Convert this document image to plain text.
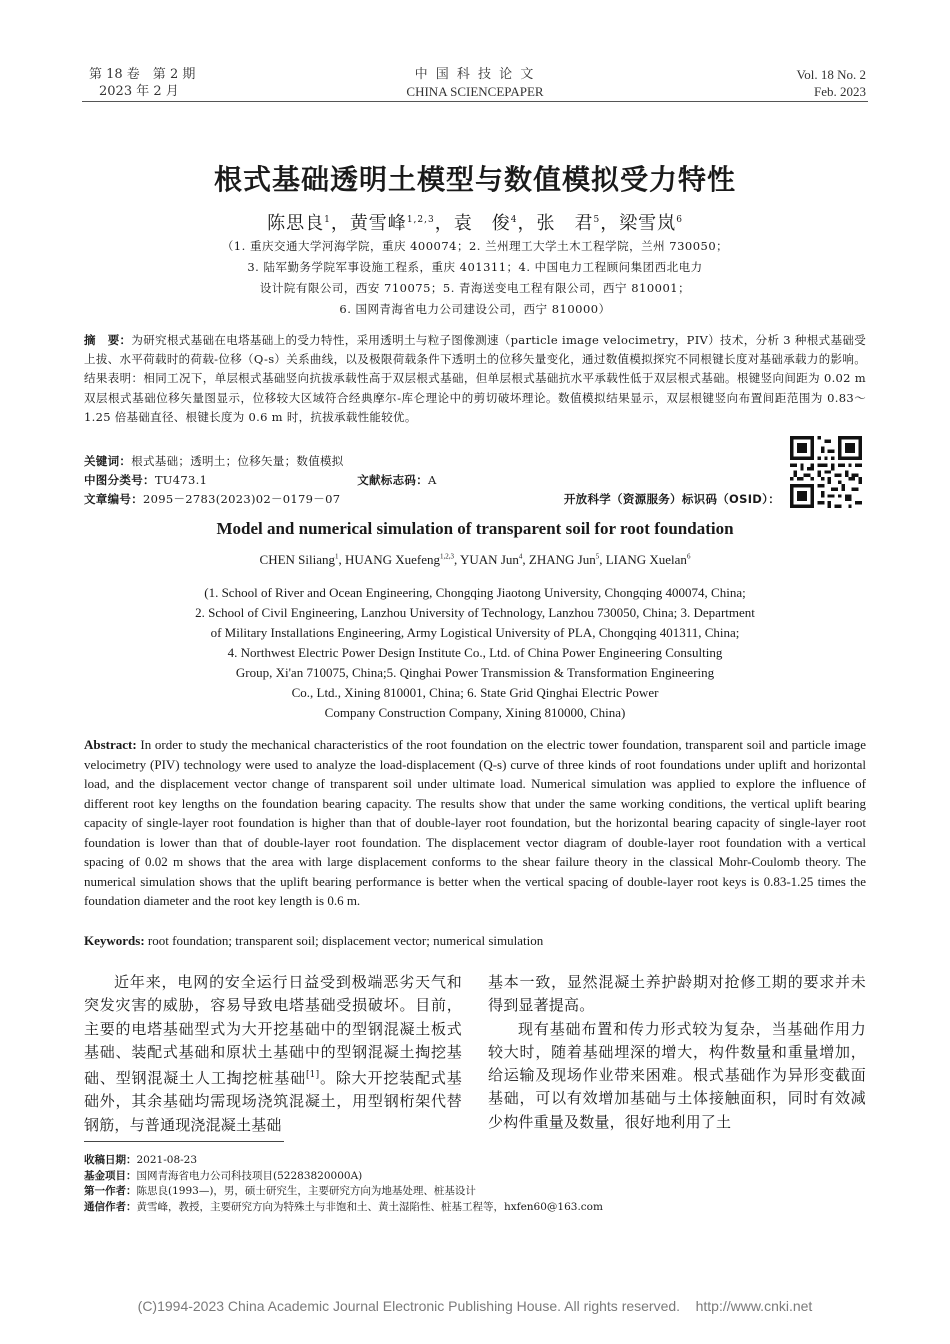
第 18 卷　第 2 期
2023 年 2 月
中 国 科 技 论 文
CHINA SCIENCEPAPER
Vol. 18 No. 2
Feb. 2023
根式基础透明土模型与数值模拟受力特性
陈思良$^1$，黄雪峰$^{1,2,3}$，袁　俊$^4$，张　君$^5$，梁雪岚$^6$
（1. 重庆交通大学河海学院，重庆 400074；2. 兰州理工大学土木工程学院，兰州 730050；
3. 陆军勤务学院军事设施工程系，重庆 401311；4. 中国电力工程顾问集团西北电力
设计院有限公司，西安 710075；5. 青海送变电工程有限公司，西宁 810001；
6. 国网青海省电力公司建设公司，西宁 810000）
摘　要：为研究根式基础在电塔基础上的受力特性，采用透明土与粒子图像测速（particle image velocimetry，PIV）技术，分析 3 种根式基础受上拔、水平荷载时的荷载-位移（Q-s）关系曲线，以及极限荷载条件下透明土的位移矢量变化，通过数值模拟探究不同根键长度对基础承载力的影响。结果表明：相同工况下，单层根式基础竖向抗拔承载性高于双层根式基础，但单层根式基础抗水平承载性低于双层根式基础。根键竖向间距为 0.02 m 双层根式基础位移矢量图显示，位移较大区域符合经典摩尔-库仑理论中的剪切破坏理论。数值模拟结果显示，双层根键竖向布置间距范围为 0.83～1.25 倍基础直径、根键长度为 0.6 m 时，抗拔承载性能较优。
关键词：根式基础；透明土；位移矢量；数值模拟
中图分类号：TU473.1	文献标志码：A
文章编号：2095－2783(2023)02－0179－07	开放科学（资源服务）标识码（OSID）：
Model and numerical simulation of transparent soil for root foundation
CHEN Siliang$^1$, HUANG Xuefeng$^{1,2,3}$, YUAN Jun$^4$, ZHANG Jun$^5$, LIANG Xuelan$^6$
(1. School of River and Ocean Engineering, Chongqing Jiaotong University, Chongqing 400074, China;
2. School of Civil Engineering, Lanzhou University of Technology, Lanzhou 730050, China; 3. Department
of Military Installations Engineering, Army Logistical University of PLA, Chongqing 401311, China;
4. Northwest Electric Power Design Institute Co., Ltd. of China Power Engineering Consulting
Group, Xi'an 710075, China;5. Qinghai Power Transmission & Transformation Engineering
Co., Ltd., Xining 810001, China; 6. State Grid Qinghai Electric Power
Company Construction Company, Xining 810000, China)
Abstract: In order to study the mechanical characteristics of the root foundation on the electric tower foundation, transparent soil and particle image velocimetry (PIV) technology were used to analyze the load-displacement (Q-s) curve of three kinds of root foundations under uplift and horizontal load, and the displacement vector change of transparent soil under ultimate load. Numerical simulation was applied to explore the influence of different root key lengths on the foundation bearing capacity. The results show that under the same working conditions, the vertical uplift bearing capacity of single-layer root foundation is higher than that of double-layer root foundation, but the horizontal bearing capacity of single-layer root foundation is lower than that of double-layer root foundation. The displacement vector diagram of double-layer root foundation with a vertical spacing of 0.02 m shows that the area with large displacement conforms to the shear failure theory in the classical Mohr-Coulomb theory. The numerical simulation shows that the uplift bearing performance is better when the vertical spacing of double-layer root keys is 0.83-1.25 times the foundation diameter and the root key length is 0.6 m.
Keywords: root foundation; transparent soil; displacement vector; numerical simulation

近年来，电网的安全运行日益受到极端恶劣天气和突发灾害的威胁，容易导致电塔基础受损破坏。目前，主要的电塔基础型式为大开挖基础中的型钢混凝土板式基础、装配式基础和原状土基础中的型钢混凝土掏挖基础、型钢混凝土人工掏挖桩基础[1]。除大开挖装配式基础外，其余基础均需现场浇筑混凝土，用型钢桁架代替钢筋，与普通现浇混凝土基础

基本一致，显然混凝土养护龄期对抢修工期的要求并未得到显著提高。

现有基础布置和传力形式较为复杂，当基础作用力较大时，随着基础埋深的增大，构件数量和重量增加，给运输及现场作业带来困难。根式基础作为异形变截面基础，可以有效增加基础与土体接触面积，同时有效减少构件重量及数量，很好地利用了土

收稿日期：2021-08-23
基金项目：国网青海省电力公司科技项目(52283820000A)
第一作者：陈思良(1993—)，男，硕士研究生，主要研究方向为地基处理、桩基设计
通信作者：黄雪峰，教授，主要研究方向为特殊土与非饱和土、黄土湿陷性、桩基工程等，hxfen60@163.com
(C)1994-2023 China Academic Journal Electronic Publishing House. All rights reserved.    http://www.cnki.net
